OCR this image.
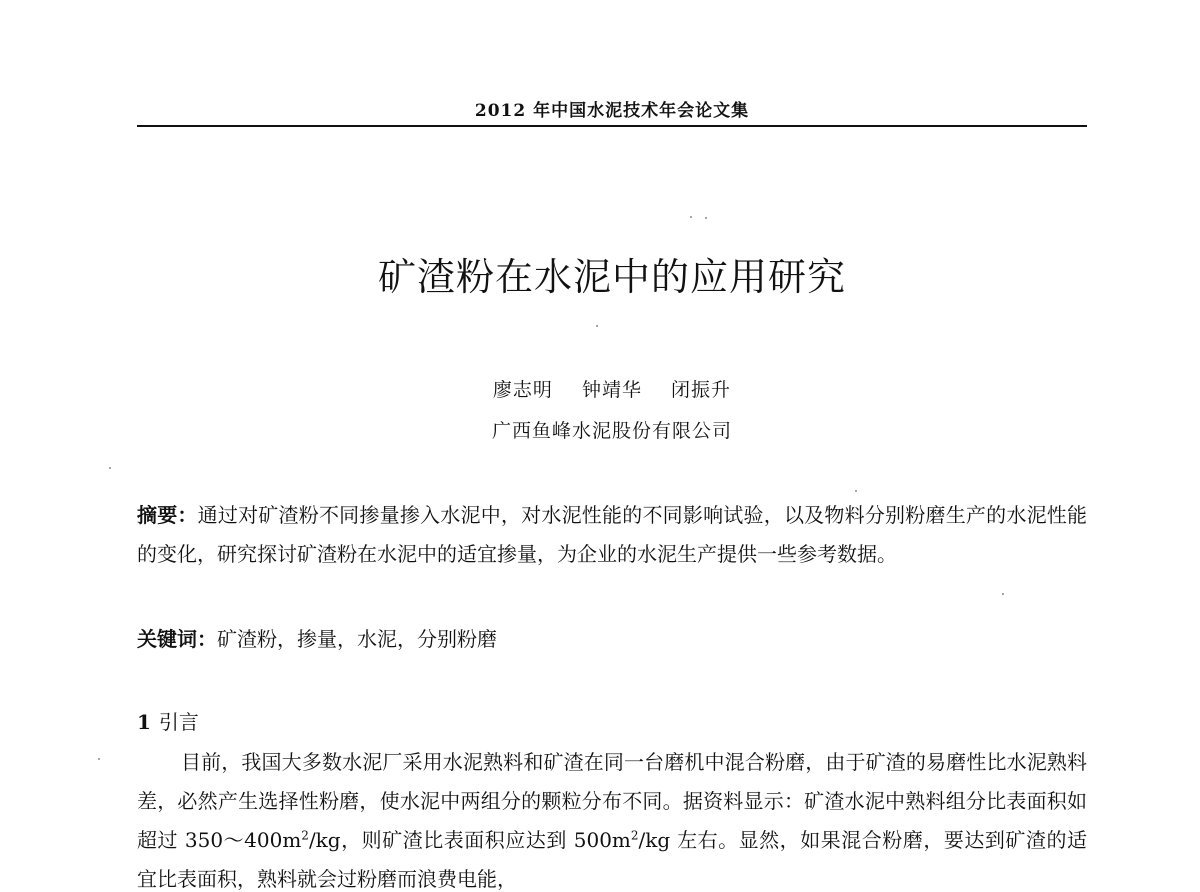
2012 年中国水泥技术年会论文集
矿渣粉在水泥中的应用研究
廖志明 钟靖华 闭振升
广西鱼峰水泥股份有限公司
摘要：通过对矿渣粉不同掺量掺入水泥中，对水泥性能的不同影响试验，以及物料分别粉磨生产的水泥性能的变化，研究探讨矿渣粉在水泥中的适宜掺量，为企业的水泥生产提供一些参考数据。
关键词：矿渣粉，掺量，水泥，分别粉磨
1 引言
目前，我国大多数水泥厂采用水泥熟料和矿渣在同一台磨机中混合粉磨，由于矿渣的易磨性比水泥熟料差，必然产生选择性粉磨，使水泥中两组分的颗粒分布不同。据资料显示：矿渣水泥中熟料组分比表面积如超过 $350\sim 400m^2/kg$，则矿渣比表面积应达到 $500m^2/kg$ 左右。显然，如果混合粉磨，要达到矿渣的适宜比表面积，熟料就会过粉磨而浪费电能，
